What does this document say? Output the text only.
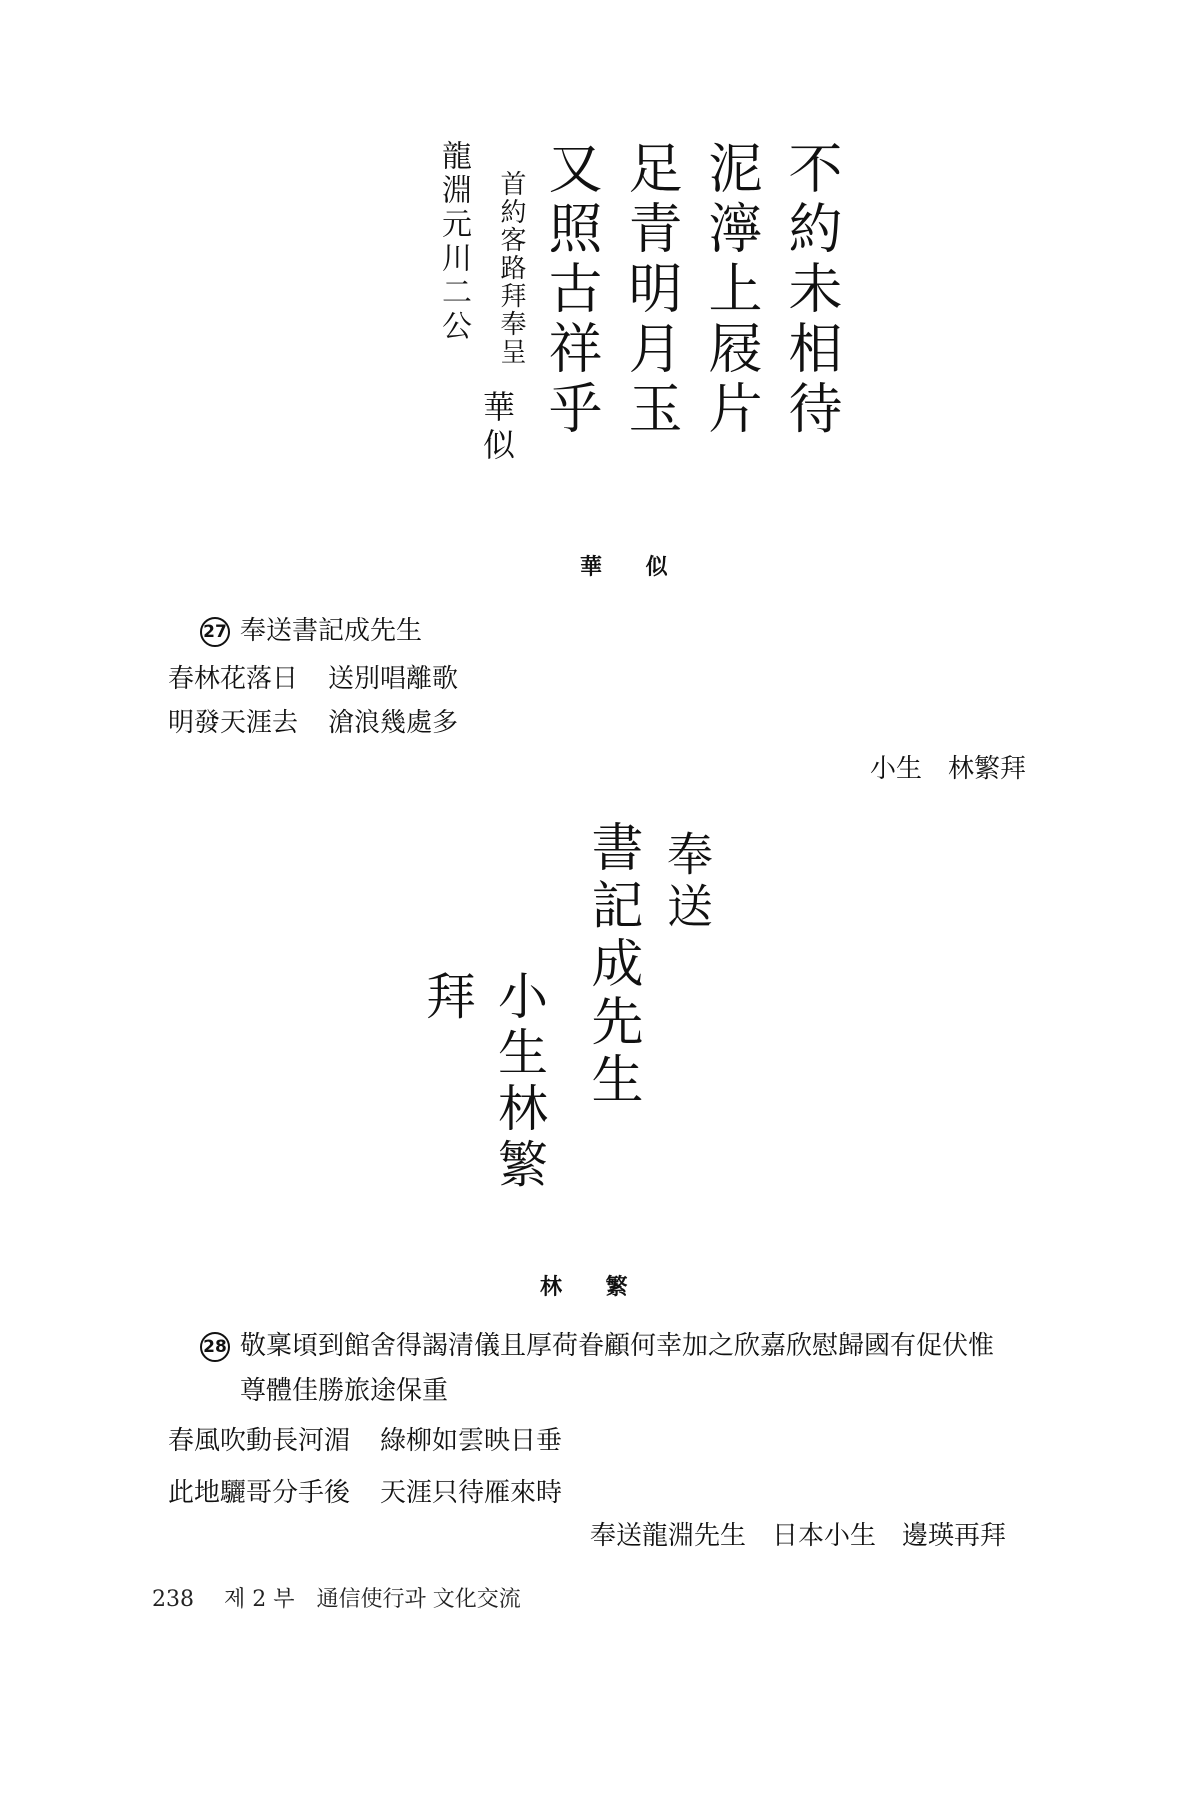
不約未相待
泥濘上屐片
足青明月玉
又照古祥乎
首約客路拜奉呈
龍淵元川二公
華似
華 似
27 奉送書記成先生
春林花落日 送別唱離歌
明發天涯去 滄浪幾處多
小生　林繁拜
奉送
書記成先生
小生林繁拜
林 繁
28 敬稟頃到館舍得謁清儀且厚荷眷顧何幸加之欣嘉欣慰歸國有促伏惟
尊體佳勝旅途保重
春風吹動長河湄 綠柳如雲映日垂
此地驪哥分手後 天涯只待雁來時
奉送龍淵先生　日本小生　邊瑛再拜
238 제 2 부 通信使行과 文化交流
